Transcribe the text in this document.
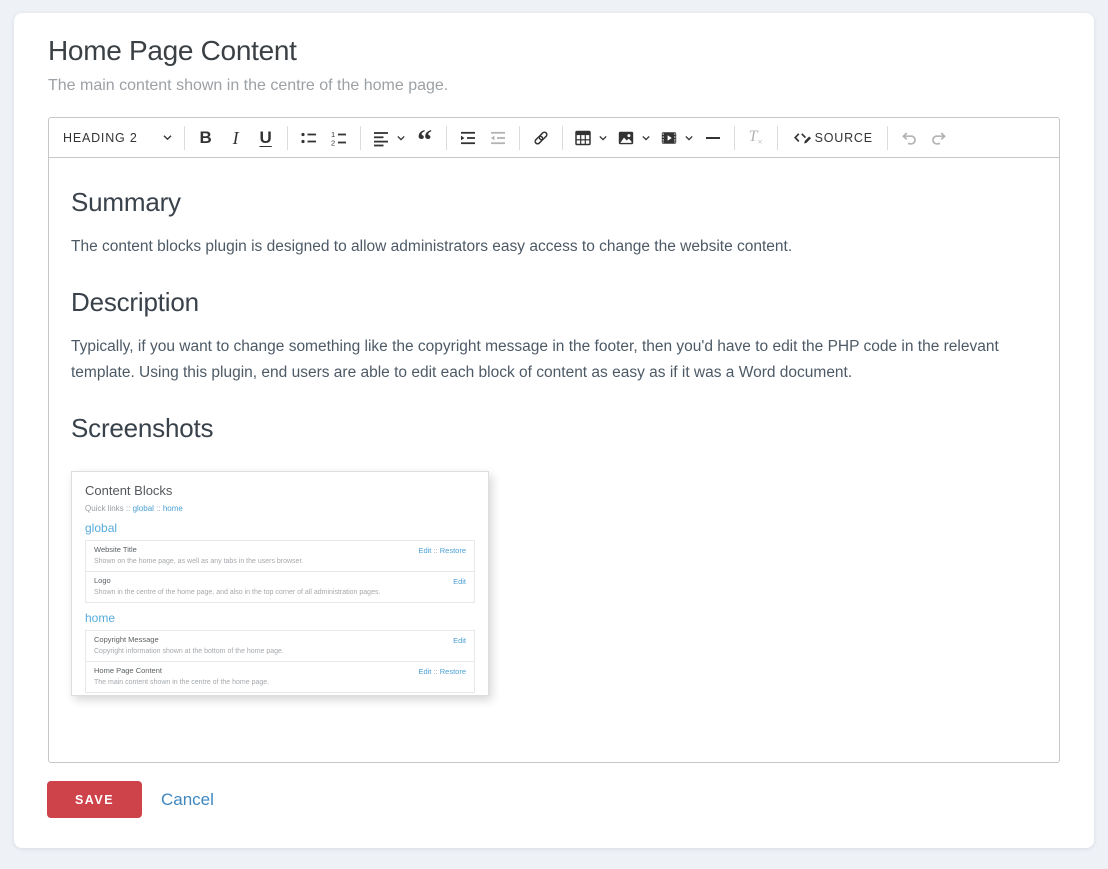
Home Page Content
The main content shown in the centre of the home page.
HEADING 2	B I U	1
2	“	$T_\times$	SOURCE
Summary

The content blocks plugin is designed to allow administrators easy access to change the website content.

Description

Typically, if you want to change something like the copyright message in the footer, then you'd have to edit the PHP code in the relevant template. Using this plugin, end users are able to edit each block of content as easy as if it was a Word document.

Screenshots
Content Blocks
Quick links :: global :: home
global
Website Title
Shown on the home page, as well as any tabs in the users browser.
Edit :: Restore
Logo
Shown in the centre of the home page, and also in the top corner of all administration pages.
Edit
home
Copyright Message
Copyright information shown at the bottom of the home page.
Edit
Home Page Content
The main content shown in the centre of the home page.
Edit :: Restore
SAVE	Cancel
